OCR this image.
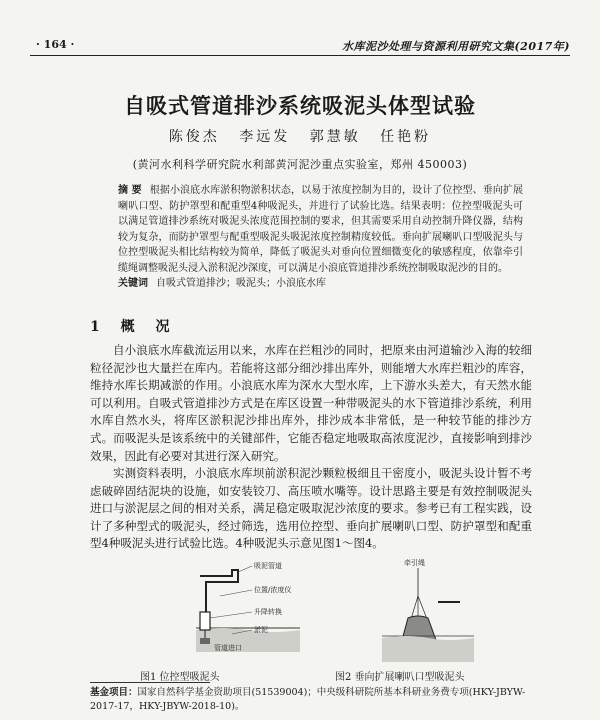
· 164 ·	水库泥沙处理与资源利用研究文集(2017年)
自吸式管道排沙系统吸泥头体型试验
陈俊杰 李远发 郭慧敏 任艳粉
(黄河水利科学研究院水利部黄河泥沙重点实验室，郑州 450003)
摘 要 根据小浪底水库淤积物淤积状态，以易于浓度控制为目的，设计了位控型、垂向扩展喇叭口型、防护罩型和配重型4种吸泥头，并进行了试验比选。结果表明：位控型吸泥头可以满足管道排沙系统对吸泥头浓度范围控制的要求，但其需要采用自动控制升降仪器，结构较为复杂，而防护罩型与配重型吸泥头吸泥浓度控制精度较低。垂向扩展喇叭口型吸泥头与位控型吸泥头相比结构较为简单，降低了吸泥头对垂向位置细微变化的敏感程度，依靠牵引缆绳调整吸泥头浸入淤积泥沙深度，可以满足小浪底管道排沙系统控制吸取泥沙的目的。
关键词 自吸式管道排沙；吸泥头；小浪底水库
1 概 况
自小浪底水库截流运用以来，水库在拦粗沙的同时，把原来由河道输沙入海的较细粒径泥沙也大量拦在库内。若能将这部分细沙排出库外，则能增大水库拦粗沙的库容，维持水库长期减淤的作用。小浪底水库为深水大型水库，上下游水头差大，有天然水能可以利用。自吸式管道排沙方式是在库区设置一种带吸泥头的水下管道排沙系统，利用水库自然水头，将库区淤积泥沙排出库外，排沙成本非常低，是一种较节能的排沙方式。而吸泥头是该系统中的关键部件，它能否稳定地吸取高浓度泥沙，直接影响到排沙效果，因此有必要对其进行深入研究。
实测资料表明，小浪底水库坝前淤积泥沙颗粒极细且干密度小，吸泥头设计暂不考虑破碎固结泥块的设施，如安装铰刀、高压喷水嘴等。设计思路主要是有效控制吸泥头进口与淤泥层之间的相对关系，满足稳定吸取泥沙浓度的要求。参考已有工程实践，设计了多种型式的吸泥头，经过筛选，选用位控型、垂向扩展喇叭口型、防护罩型和配重型4种吸泥头进行试验比选。4种吸泥头示意见图1～图4。
吸泥管道
位置/浓度仪
升降转换
淤泥
管道进口
牵引绳
图1 位控型吸泥头	图2 垂向扩展喇叭口型吸泥头
基金项目：国家自然科学基金资助项目(51539004)；中央级科研院所基本科研业务费专项(HKY-JBYW-2017-17，HKY-JBYW-2018-10)。
